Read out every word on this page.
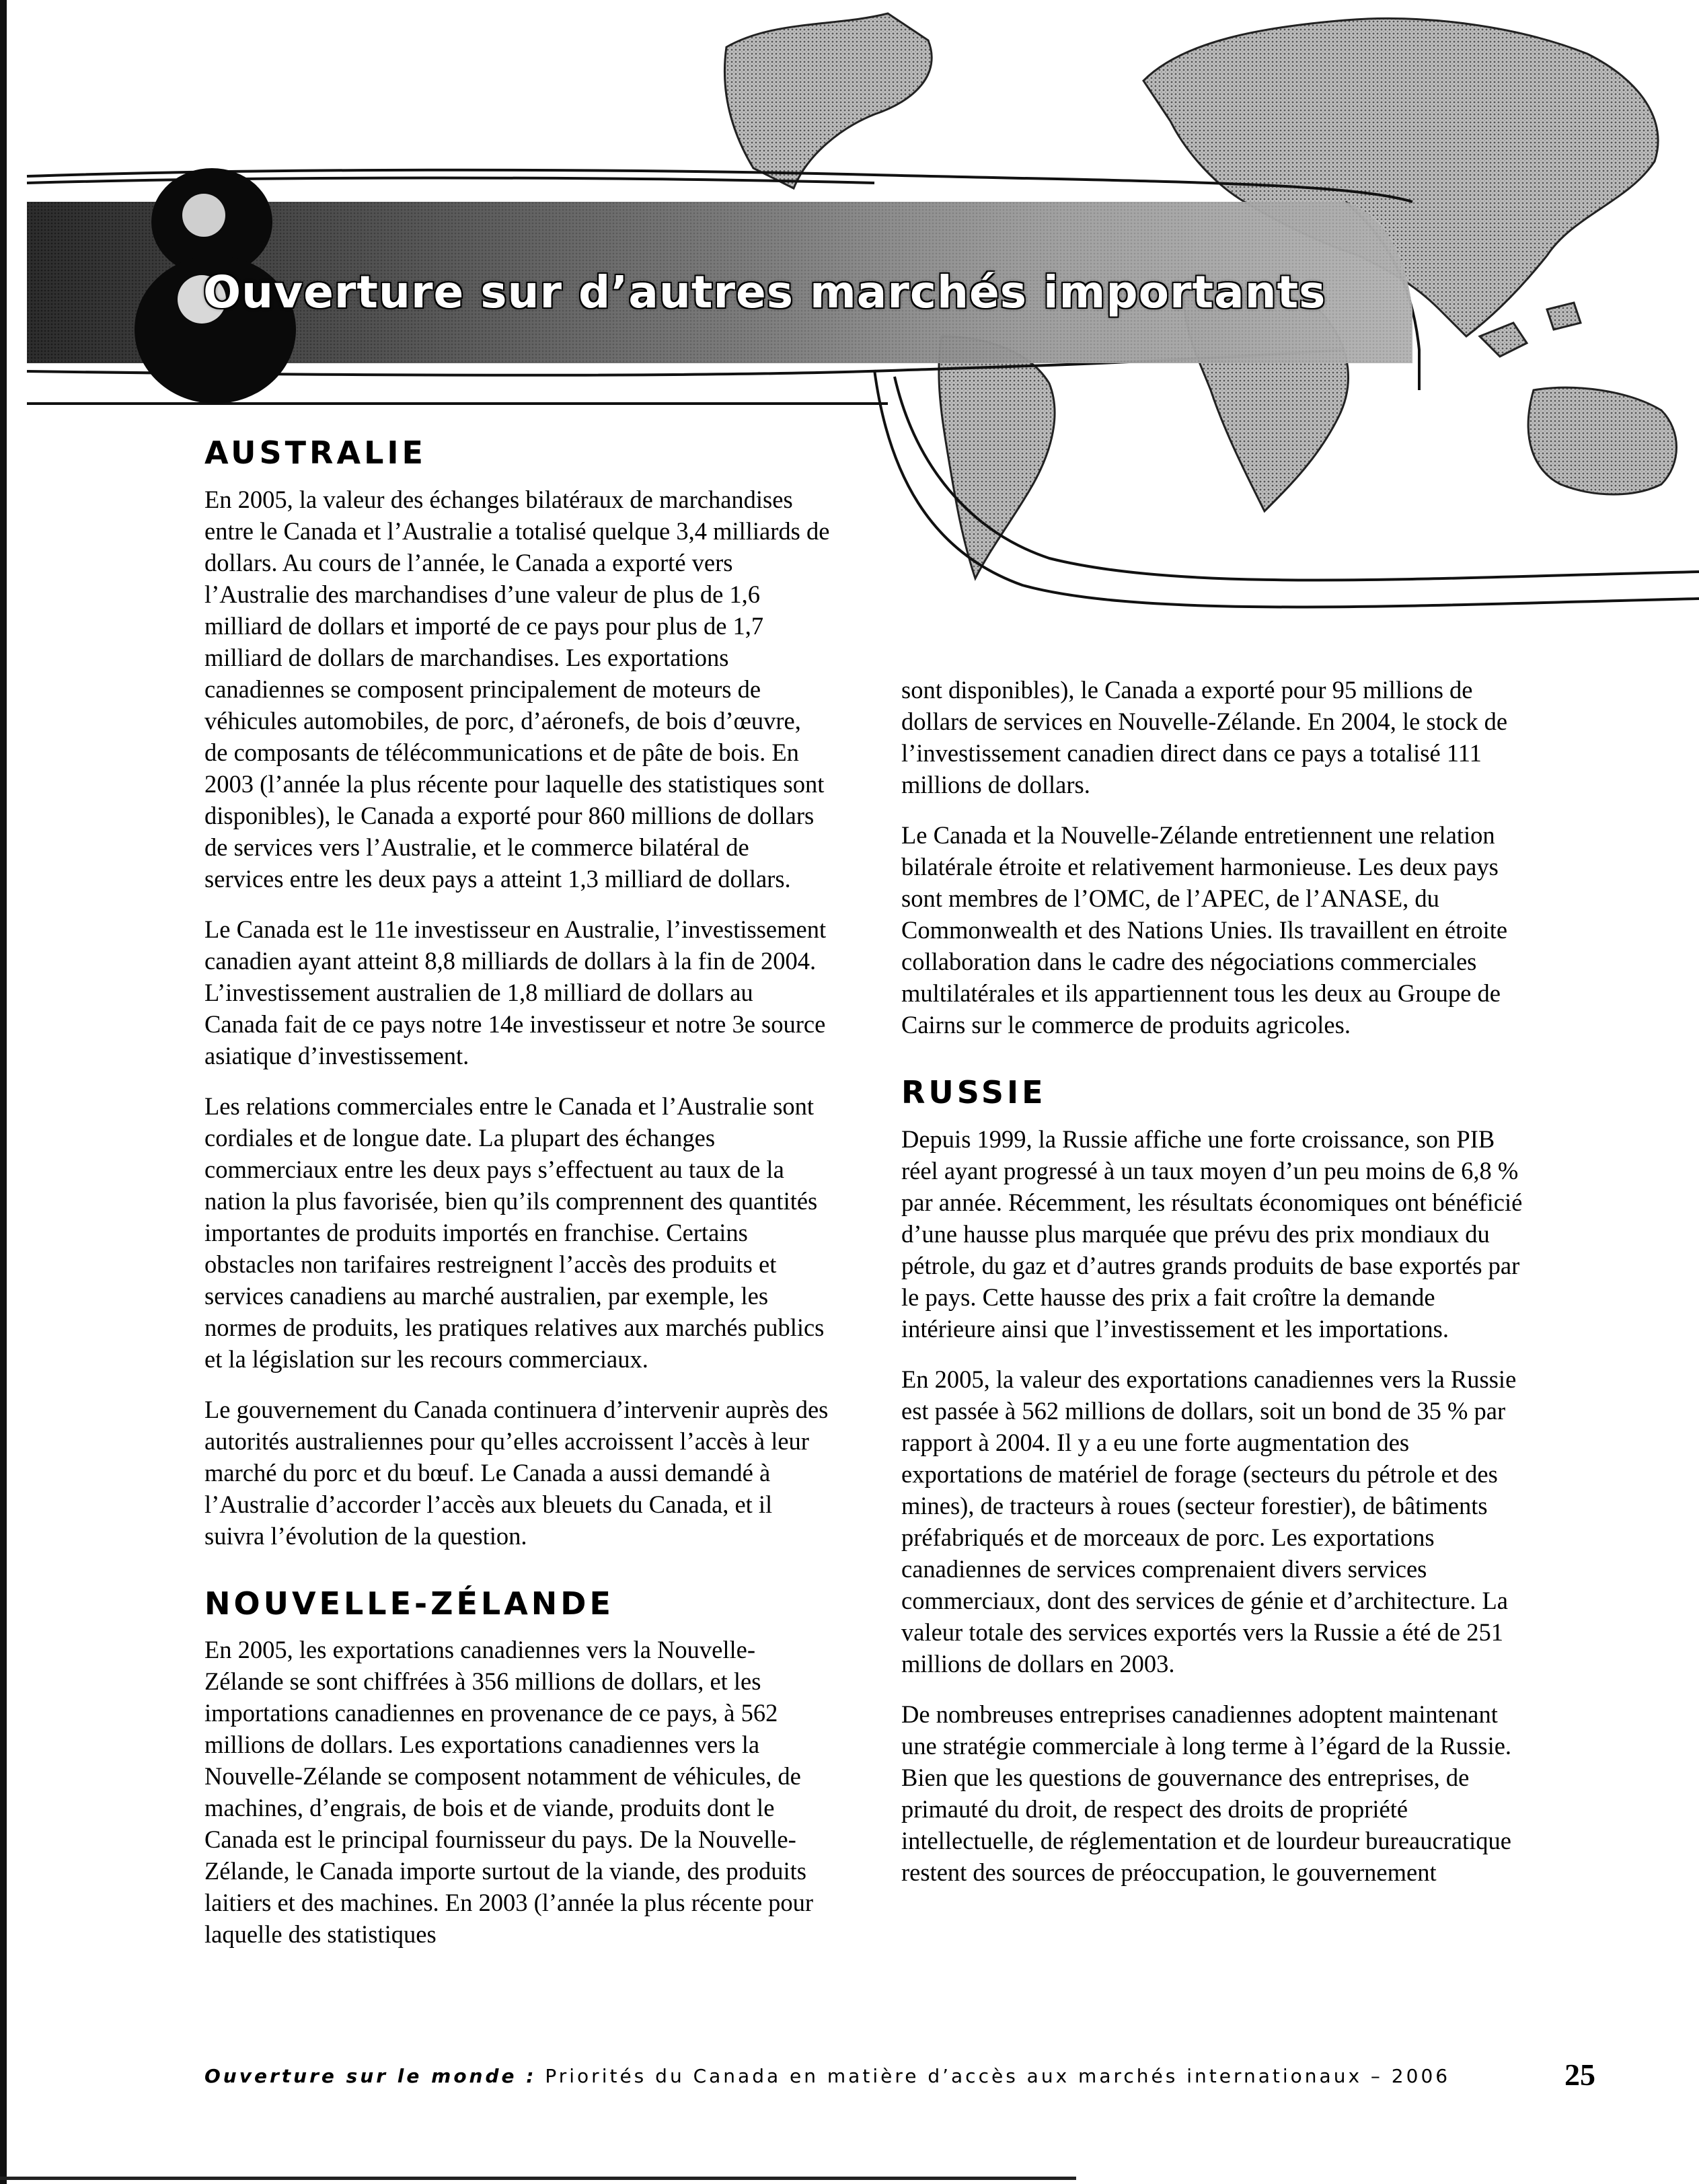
Ouverture sur d’autres marchés importants
AUSTRALIE

En 2005, la valeur des échanges bilatéraux de marchandises entre le Canada et l’Australie a totalisé quelque 3,4 milliards de dollars. Au cours de l’année, le Canada a exporté vers l’Australie des marchandises d’une valeur de plus de 1,6 milliard de dollars et importé de ce pays pour plus de 1,7 milliard de dollars de marchandises. Les exportations canadiennes se composent principalement de moteurs de véhicules automobiles, de porc, d’aéronefs, de bois d’œuvre, de composants de télécommunications et de pâte de bois. En 2003 (l’année la plus récente pour laquelle des statistiques sont disponibles), le Canada a exporté pour 860 millions de dollars de services vers l’Australie, et le commerce bilatéral de services entre les deux pays a atteint 1,3 milliard de dollars.

Le Canada est le 11e investisseur en Australie, l’investissement canadien ayant atteint 8,8 milliards de dollars à la fin de 2004. L’investissement australien de 1,8 milliard de dollars au Canada fait de ce pays notre 14e investisseur et notre 3e source asiatique d’investissement.

Les relations commerciales entre le Canada et l’Australie sont cordiales et de longue date. La plupart des échanges commerciaux entre les deux pays s’effectuent au taux de la nation la plus favorisée, bien qu’ils comprennent des quantités importantes de produits importés en franchise. Certains obstacles non tarifaires restreignent l’accès des produits et services canadiens au marché australien, par exemple, les normes de produits, les pratiques relatives aux marchés publics et la législation sur les recours commerciaux.

Le gouvernement du Canada continuera d’intervenir auprès des autorités australiennes pour qu’elles accroissent l’accès à leur marché du porc et du bœuf. Le Canada a aussi demandé à l’Australie d’accorder l’accès aux bleuets du Canada, et il suivra l’évolution de la question.

NOUVELLE-ZÉLANDE

En 2005, les exportations canadiennes vers la Nouvelle-Zélande se sont chiffrées à 356 millions de dollars, et les importations canadiennes en provenance de ce pays, à 562 millions de dollars. Les exportations canadiennes vers la Nouvelle-Zélande se composent notamment de véhicules, de machines, d’engrais, de bois et de viande, produits dont le Canada est le principal fournisseur du pays. De la Nouvelle-Zélande, le Canada importe surtout de la viande, des produits laitiers et des machines. En 2003 (l’année la plus récente pour laquelle des statistiques

sont disponibles), le Canada a exporté pour 95 millions de dollars de services en Nouvelle-Zélande. En 2004, le stock de l’investissement canadien direct dans ce pays a totalisé 111 millions de dollars.

Le Canada et la Nouvelle-Zélande entretiennent une relation bilatérale étroite et relativement harmonieuse. Les deux pays sont membres de l’OMC, de l’APEC, de l’ANASE, du Commonwealth et des Nations Unies. Ils travaillent en étroite collaboration dans le cadre des négociations commerciales multilatérales et ils appartiennent tous les deux au Groupe de Cairns sur le commerce de produits agricoles.

RUSSIE

Depuis 1999, la Russie affiche une forte croissance, son PIB réel ayant progressé à un taux moyen d’un peu moins de 6,8 % par année. Récemment, les résultats économiques ont bénéficié d’une hausse plus marquée que prévu des prix mondiaux du pétrole, du gaz et d’autres grands produits de base exportés par le pays. Cette hausse des prix a fait croître la demande intérieure ainsi que l’investissement et les importations.

En 2005, la valeur des exportations canadiennes vers la Russie est passée à 562 millions de dollars, soit un bond de 35 % par rapport à 2004. Il y a eu une forte augmentation des exportations de matériel de forage (secteurs du pétrole et des mines), de tracteurs à roues (secteur forestier), de bâtiments préfabriqués et de morceaux de porc. Les exportations canadiennes de services comprenaient divers services commerciaux, dont des services de génie et d’architecture. La valeur totale des services exportés vers la Russie a été de 251 millions de dollars en 2003.

De nombreuses entreprises canadiennes adoptent maintenant une stratégie commerciale à long terme à l’égard de la Russie. Bien que les questions de gouvernance des entreprises, de primauté du droit, de respect des droits de propriété intellectuelle, de réglementation et de lourdeur bureaucratique restent des sources de préoccupation, le gouvernement

Ouverture sur le monde : Priorités du Canada en matière d’accès aux marchés internationaux – 2006	25
